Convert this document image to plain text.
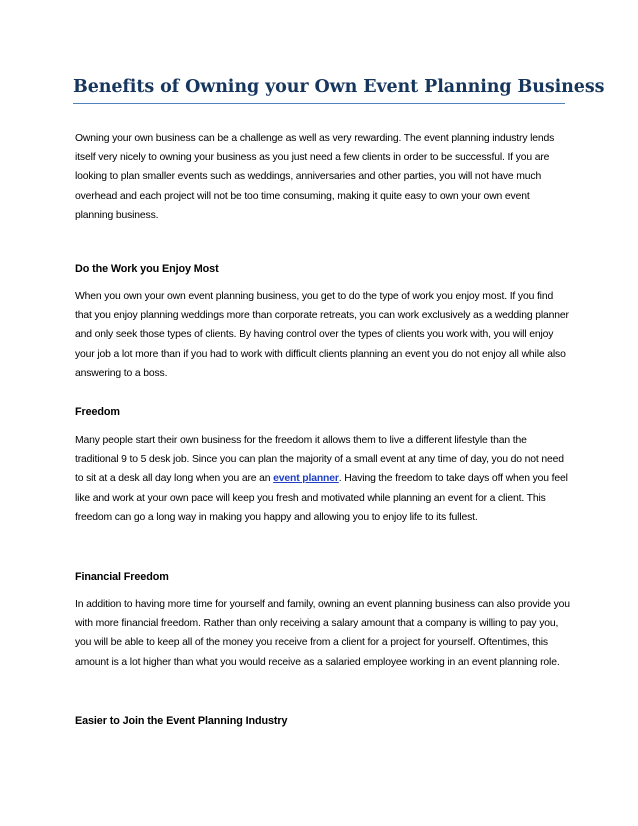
Benefits of Owning your Own Event Planning Business

Owning your own business can be a challenge as well as very rewarding. The event planning industry lends itself very nicely to owning your business as you just need a few clients in order to be successful. If you are looking to plan smaller events such as weddings, anniversaries and other parties, you will not have much overhead and each project will not be too time consuming, making it quite easy to own your own event planning business.

Do the Work you Enjoy Most

When you own your own event planning business, you get to do the type of work you enjoy most. If you find that you enjoy planning weddings more than corporate retreats, you can work exclusively as a wedding planner and only seek those types of clients. By having control over the types of clients you work with, you will enjoy your job a lot more than if you had to work with difficult clients planning an event you do not enjoy all while also answering to a boss.

Freedom

Many people start their own business for the freedom it allows them to live a different lifestyle than the traditional 9 to 5 desk job. Since you can plan the majority of a small event at any time of day, you do not need to sit at a desk all day long when you are an event planner. Having the freedom to take days off when you feel like and work at your own pace will keep you fresh and motivated while planning an event for a client. This freedom can go a long way in making you happy and allowing you to enjoy life to its fullest.

Financial Freedom

In addition to having more time for yourself and family, owning an event planning business can also provide you with more financial freedom. Rather than only receiving a salary amount that a company is willing to pay you, you will be able to keep all of the money you receive from a client for a project for yourself. Oftentimes, this amount is a lot higher than what you would receive as a salaried employee working in an event planning role.

Easier to Join the Event Planning Industry
